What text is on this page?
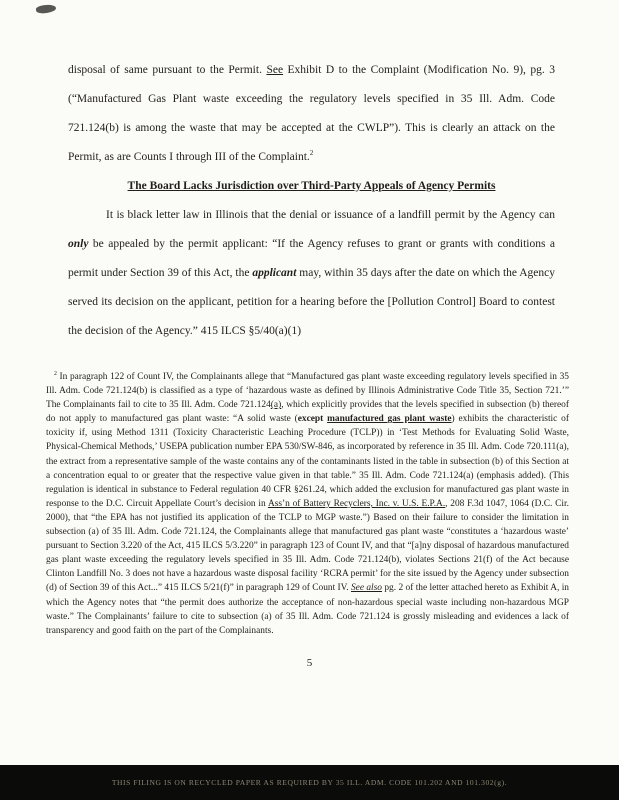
disposal of same pursuant to the Permit. See Exhibit D to the Complaint (Modification No. 9), pg. 3 (“Manufactured Gas Plant waste exceeding the regulatory levels specified in 35 Ill. Adm. Code 721.124(b) is among the waste that may be accepted at the CWLP”). This is clearly an attack on the Permit, as are Counts I through III of the Complaint.$^2$

The Board Lacks Jurisdiction over Third-Party Appeals of Agency Permits

It is black letter law in Illinois that the denial or issuance of a landfill permit by the Agency can only be appealed by the permit applicant: “If the Agency refuses to grant or grants with conditions a permit under Section 39 of this Act, the applicant may, within 35 days after the date on which the Agency served its decision on the applicant, petition for a hearing before the [Pollution Control] Board to contest the decision of the Agency.” 415 ILCS §5/40(a)(1)

$^2$ In paragraph 122 of Count IV, the Complainants allege that “Manufactured gas plant waste exceeding regulatory levels specified in 35 Ill. Adm. Code 721.124(b) is classified as a type of ‘hazardous waste as defined by Illinois Administrative Code Title 35, Section 721.’” The Complainants fail to cite to 35 Ill. Adm. Code 721.124(a), which explicitly provides that the levels specified in subsection (b) thereof do not apply to manufactured gas plant waste: “A solid waste (except manufactured gas plant waste) exhibits the characteristic of toxicity if, using Method 1311 (Toxicity Characteristic Leaching Procedure (TCLP)) in ‘Test Methods for Evaluating Solid Waste, Physical-Chemical Methods,’ USEPA publication number EPA 530/SW-846, as incorporated by reference in 35 Ill. Adm. Code 720.111(a), the extract from a representative sample of the waste contains any of the contaminants listed in the table in subsection (b) of this Section at a concentration equal to or greater that the respective value given in that table.” 35 Ill. Adm. Code 721.124(a) (emphasis added). (This regulation is identical in substance to Federal regulation 40 CFR §261.24, which added the exclusion for manufactured gas plant waste in response to the D.C. Circuit Appellate Court’s decision in Ass’n of Battery Recyclers, Inc. v. U.S. E.P.A., 208 F.3d 1047, 1064 (D.C. Cir. 2000), that “the EPA has not justified its application of the TCLP to MGP waste.”) Based on their failure to consider the limitation in subsection (a) of 35 Ill. Adm. Code 721.124, the Complainants allege that manufactured gas plant waste “constitutes a ‘hazardous waste’ pursuant to Section 3.220 of the Act, 415 ILCS 5/3.220” in paragraph 123 of Count IV, and that “[a]ny disposal of hazardous manufactured gas plant waste exceeding the regulatory levels specified in 35 Ill. Adm. Code 721.124(b), violates Sections 21(f) of the Act because Clinton Landfill No. 3 does not have a hazardous waste disposal facility ‘RCRA permit’ for the site issued by the Agency under subsection (d) of Section 39 of this Act...” 415 ILCS 5/21(f)” in paragraph 129 of Count IV. See also pg. 2 of the letter attached hereto as Exhibit A, in which the Agency notes that “the permit does authorize the acceptance of non-hazardous special waste including non-hazardous MGP waste.” The Complainants’ failure to cite to subsection (a) of 35 Ill. Adm. Code 721.124 is grossly misleading and evidences a lack of transparency and good faith on the part of the Complainants.
5
THIS FILING IS ON RECYCLED PAPER AS REQUIRED BY 35 ILL. ADM. CODE 101.202 AND 101.302(g).
